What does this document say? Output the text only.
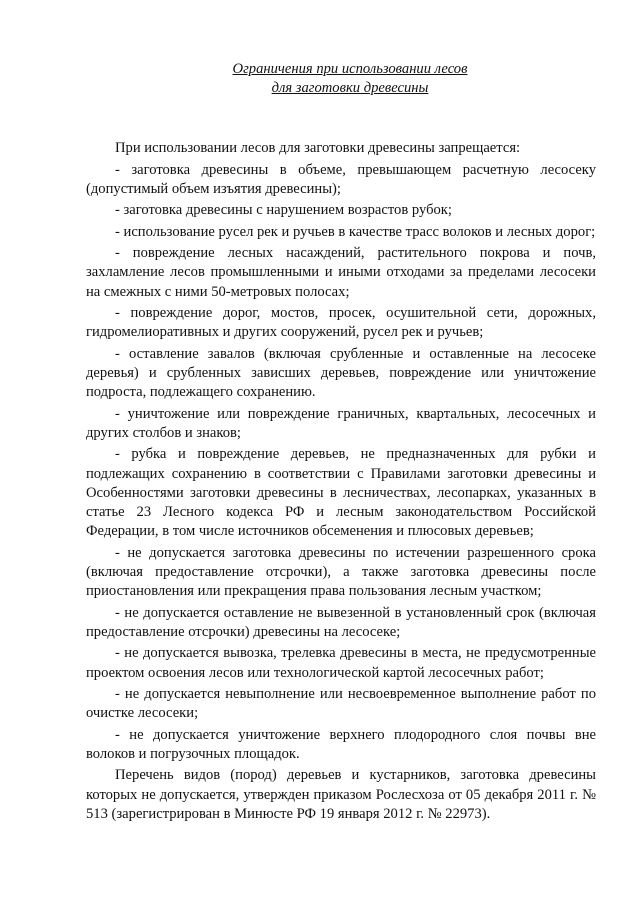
Ограничения при использовании лесов
для заготовки древесины

При использовании лесов для заготовки древесины запрещается:

- заготовка древесины в объеме, превышающем расчетную лесосеку (допустимый объем изъятия древесины);

- заготовка древесины с нарушением возрастов рубок;

- использование русел рек и ручьев в качестве трасс волоков и лесных дорог;

- повреждение лесных насаждений, растительного покрова и почв, захламление лесов промышленными и иными отходами за пределами лесосеки на смежных с ними 50-метровых полосах;

- повреждение дорог, мостов, просек, осушительной сети, дорожных, гидромелиоративных и других сооружений, русел рек и ручьев;

- оставление завалов (включая срубленные и оставленные на лесосеке деревья) и срубленных зависших деревьев, повреждение или уничтожение подроста, подлежащего сохранению.

- уничтожение или повреждение граничных, квартальных, лесосечных и других столбов и знаков;

- рубка и повреждение деревьев, не предназначенных для рубки и подлежащих сохранению в соответствии с Правилами заготовки древесины и Особенностями заготовки древесины в лесничествах, лесопарках, указанных в статье 23 Лесного кодекса РФ и лесным законодательством Российской Федерации, в том числе источников обсеменения и плюсовых деревьев;

- не допускается заготовка древесины по истечении разрешенного срока (включая предоставление отсрочки), а также заготовка древесины после приостановления или прекращения права пользования лесным участком;

- не допускается оставление не вывезенной в установленный срок (включая предоставление отсрочки) древесины на лесосеке;

- не допускается вывозка, трелевка древесины в места, не предусмотренные проектом освоения лесов или технологической картой лесосечных работ;

- не допускается невыполнение или несвоевременное выполнение работ по очистке лесосеки;

- не допускается уничтожение верхнего плодородного слоя почвы вне волоков и погрузочных площадок.

Перечень видов (пород) деревьев и кустарников, заготовка древесины которых не допускается, утвержден приказом Рослесхоза от 05 декабря 2011 г. № 513 (зарегистрирован в Минюсте РФ 19 января 2012 г. № 22973).
